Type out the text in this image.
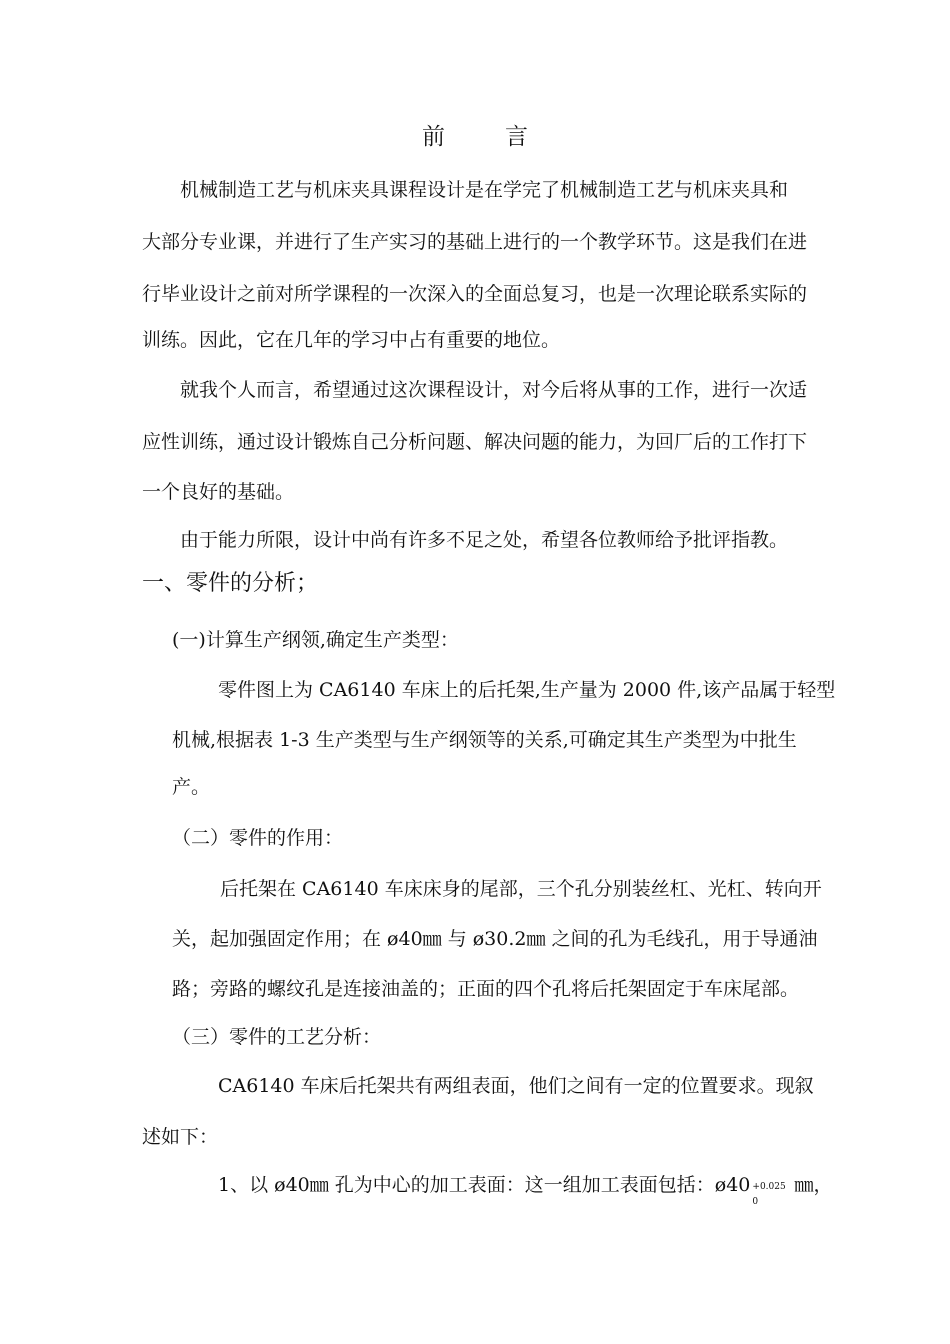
前	言
机械制造工艺与机床夹具课程设计是在学完了机械制造工艺与机床夹具和
大部分专业课，并进行了生产实习的基础上进行的一个教学环节。这是我们在进
行毕业设计之前对所学课程的一次深入的全面总复习，也是一次理论联系实际的
训练。因此，它在几年的学习中占有重要的地位。
就我个人而言，希望通过这次课程设计，对今后将从事的工作，进行一次适
应性训练，通过设计锻炼自己分析问题、解决问题的能力，为回厂后的工作打下
一个良好的基础。
由于能力所限，设计中尚有许多不足之处，希望各位教师给予批评指教。
一、零件的分析；
(一)计算生产纲领,确定生产类型：
零件图上为 CA6140 车床上的后托架,生产量为 2000 件,该产品属于轻型
机械,根据表 1-3 生产类型与生产纲领等的关系,可确定其生产类型为中批生
产。
（二）零件的作用：
后托架在 CA6140 车床床身的尾部，三个孔分别装丝杠、光杠、转向开
关，起加强固定作用；在 ø40㎜ 与 ø30.2㎜ 之间的孔为毛线孔，用于导通油
路；旁路的螺纹孔是连接油盖的；正面的四个孔将后托架固定于车床尾部。
（三）零件的工艺分析：
CA6140 车床后托架共有两组表面，他们之间有一定的位置要求。现叙
述如下：
1、以 ø40㎜ 孔为中心的加工表面：这一组加工表面包括：ø40 +0.025
0
㎜，
